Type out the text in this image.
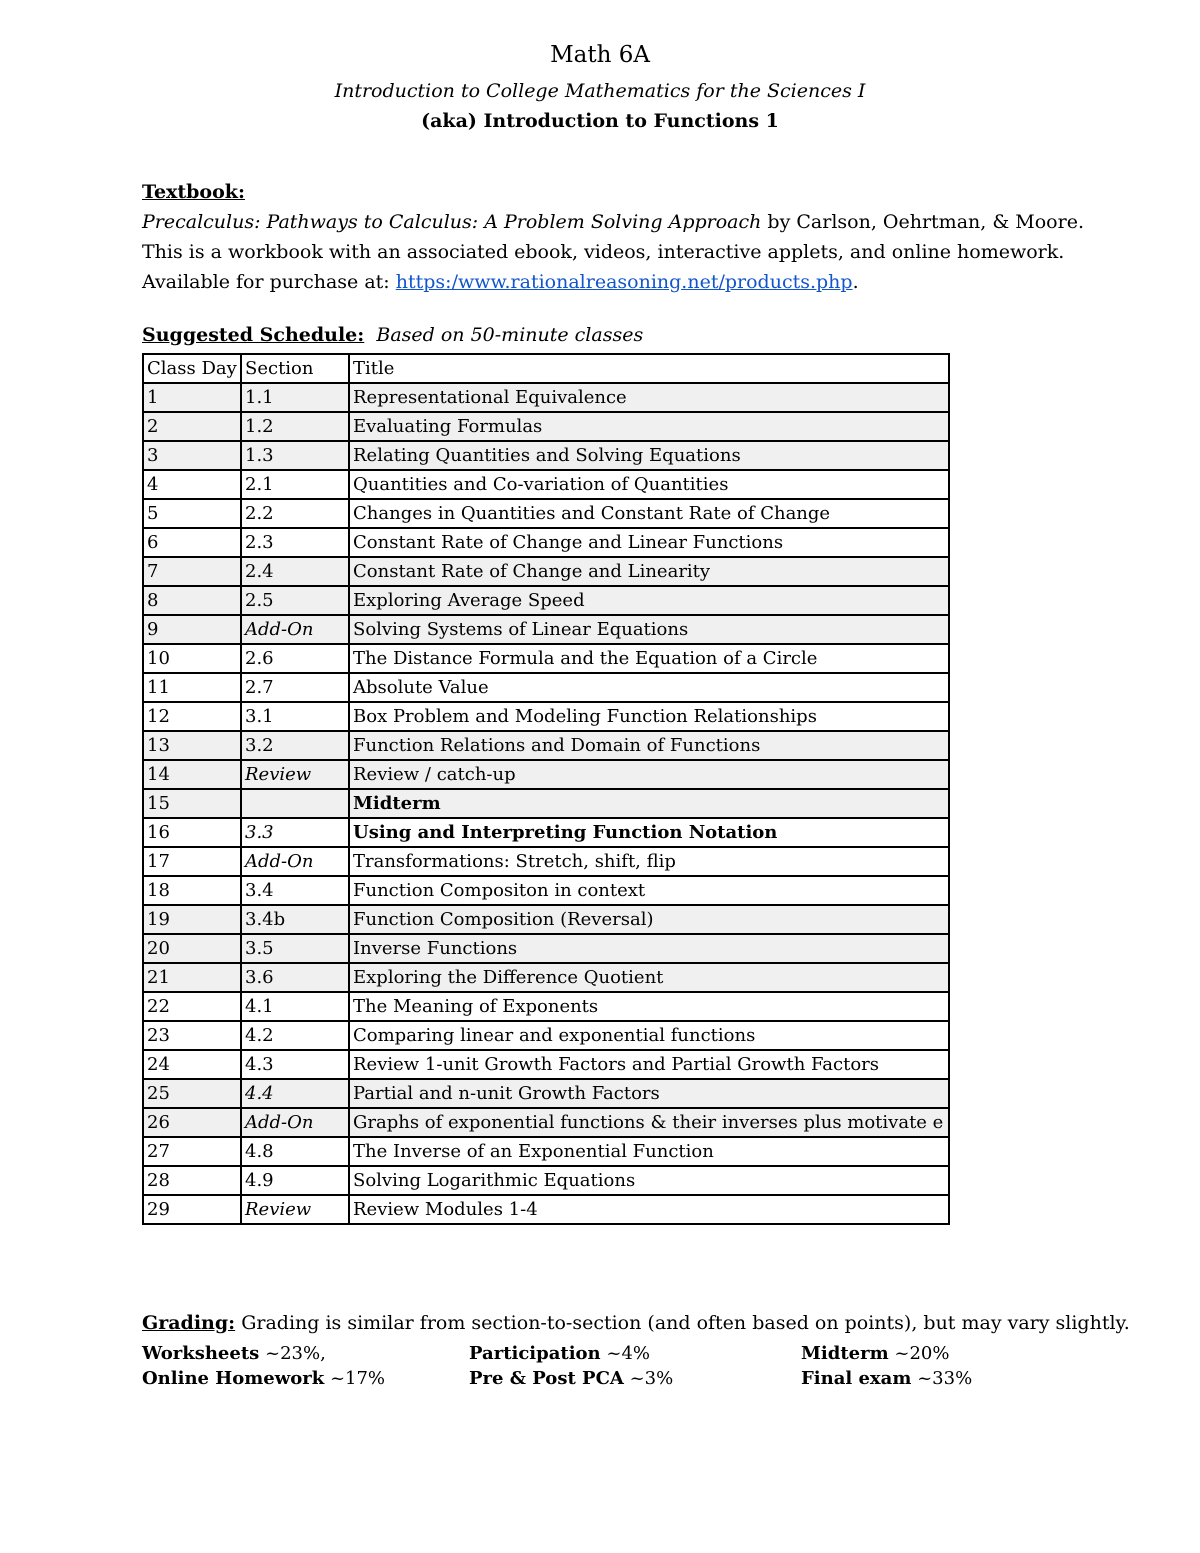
Math 6A
Introduction to College Mathematics for the Sciences I
(aka) Introduction to Functions 1
Textbook:
Precalculus: Pathways to Calculus: A Problem Solving Approach by Carlson, Oehrtman, & Moore.
This is a workbook with an associated ebook, videos, interactive applets, and online homework.
Available for purchase at: https:/www.rationalreasoning.net/products.php.
Suggested Schedule: Based on 50-minute classes
Class Day	Section	Title
1	1.1	Representational Equivalence
2	1.2	Evaluating Formulas
3	1.3	Relating Quantities and Solving Equations
4	2.1	Quantities and Co-variation of Quantities
5	2.2	Changes in Quantities and Constant Rate of Change
6	2.3	Constant Rate of Change and Linear Functions
7	2.4	Constant Rate of Change and Linearity
8	2.5	Exploring Average Speed
9	Add-On	Solving Systems of Linear Equations
10	2.6	The Distance Formula and the Equation of a Circle
11	2.7	Absolute Value
12	3.1	Box Problem and Modeling Function Relationships
13	3.2	Function Relations and Domain of Functions
14	Review	Review / catch-up
15		Midterm
16	3.3	Using and Interpreting Function Notation
17	Add-On	Transformations: Stretch, shift, flip
18	3.4	Function Compositon in context
19	3.4b	Function Composition (Reversal)
20	3.5	Inverse Functions
21	3.6	Exploring the Difference Quotient
22	4.1	The Meaning of Exponents
23	4.2	Comparing linear and exponential functions
24	4.3	Review 1-unit Growth Factors and Partial Growth Factors
25	4.4	Partial and n-unit Growth Factors
26	Add-On	Graphs of exponential functions & their inverses plus motivate e
27	4.8	The Inverse of an Exponential Function
28	4.9	Solving Logarithmic Equations
29	Review	Review Modules 1-4
Grading: Grading is similar from section-to-section (and often based on points), but may vary slightly.
Worksheets ~23%,	Participation ~4%	Midterm ~20%
Online Homework ~17%	Pre & Post PCA ~3%	Final exam ~33%
